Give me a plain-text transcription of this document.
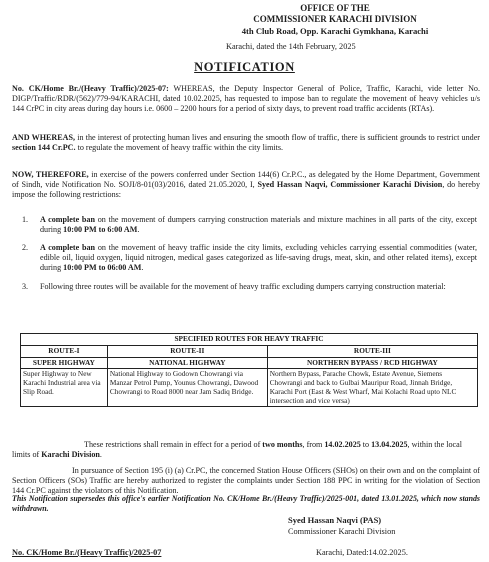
OFFICE OF THE

COMMISSIONER KARACHI DIVISION

4th Club Road, Opp. Karachi Gymkhana, Karachi

Karachi, dated the 14th February, 2025

NOTIFICATION

No. CK/Home Br./(Heavy Traffic)/2025-07: WHEREAS, the Deputy Inspector General of Police, Traffic, Karachi, vide letter No. DIGP/Traffic/RDR/(562)/779-94/KARACHI, dated 10.02.2025, has requested to impose ban to regulate the movement of heavy vehicles u/s 144 CrPC in city areas during day hours i.e. 0600 – 2200 hours for a period of sixty days, to prevent road traffic accidents (RTAs).

AND WHEREAS, in the interest of protecting human lives and ensuring the smooth flow of traffic, there is sufficient grounds to restrict under section 144 Cr.PC. to regulate the movement of heavy traffic within the city limits.

NOW, THEREFORE, in exercise of the powers conferred under Section 144(6) Cr.P.C., as delegated by the Home Department, Government of Sindh, vide Notification No. SOJI/8-01(03)/2016, dated 21.05.2020, I, Syed Hassan Naqvi, Commissioner Karachi Division, do hereby impose the following restrictions:

1.	A complete ban on the movement of dumpers carrying construction materials and mixture machines in all parts of the city, except during 10:00 PM to 6:00 AM.
2.	A complete ban on the movement of heavy traffic inside the city limits, excluding vehicles carrying essential commodities (water, edible oil, liquid oxygen, liquid nitrogen, medical gases categorized as life-saving drugs, meat, skin, and other related items), except during 10:00 PM to 06:00 AM.
3.	Following three routes will be available for the movement of heavy traffic excluding dumpers carrying construction material:
SPECIFIED ROUTES FOR HEAVY TRAFFIC		
ROUTE-I	ROUTE-II	ROUTE-III
SUPER HIGHWAY	NATIONAL HIGHWAY	NORTHERN BYPASS / RCD HIGHWAY
Super Highway to New Karachi Industrial area via Slip Road.	National Highway to Godown Chowrangi via Manzar Petrol Pump, Younus Chowrangi, Dawood Chowrangi to Road 8000 near Jam Sadiq Bridge.	Northern Bypass, Parache Chowk, Estate Avenue, Siemens Chowrangi and back to Gulbai Mauripur Road, Jinnah Bridge, Karachi Port (East & West Wharf, Mai Kolachi Road upto NLC intersection and vice versa)

These restrictions shall remain in effect for a period of two months, from 14.02.2025 to 13.04.2025, within the local limits of Karachi Division.

In pursuance of Section 195 (i) (a) Cr.PC, the concerned Station House Officers (SHOs) on their own and on the complaint of Section Officers (SOs) Traffic are hereby authorized to register the complaints under Section 188 PPC in writing for the violation of Section 144 Cr.PC against the violators of this Notification.

This Notification supersedes this office's earlier Notification No. CK/Home Br./(Heavy Traffic)/2025-001, dated 13.01.2025, which now stands withdrawn.

Syed Hassan Naqvi (PAS)

Commissioner Karachi Division

No. CK/Home Br./(Heavy Traffic)/2025-07	Karachi, Dated:14.02.2025.
